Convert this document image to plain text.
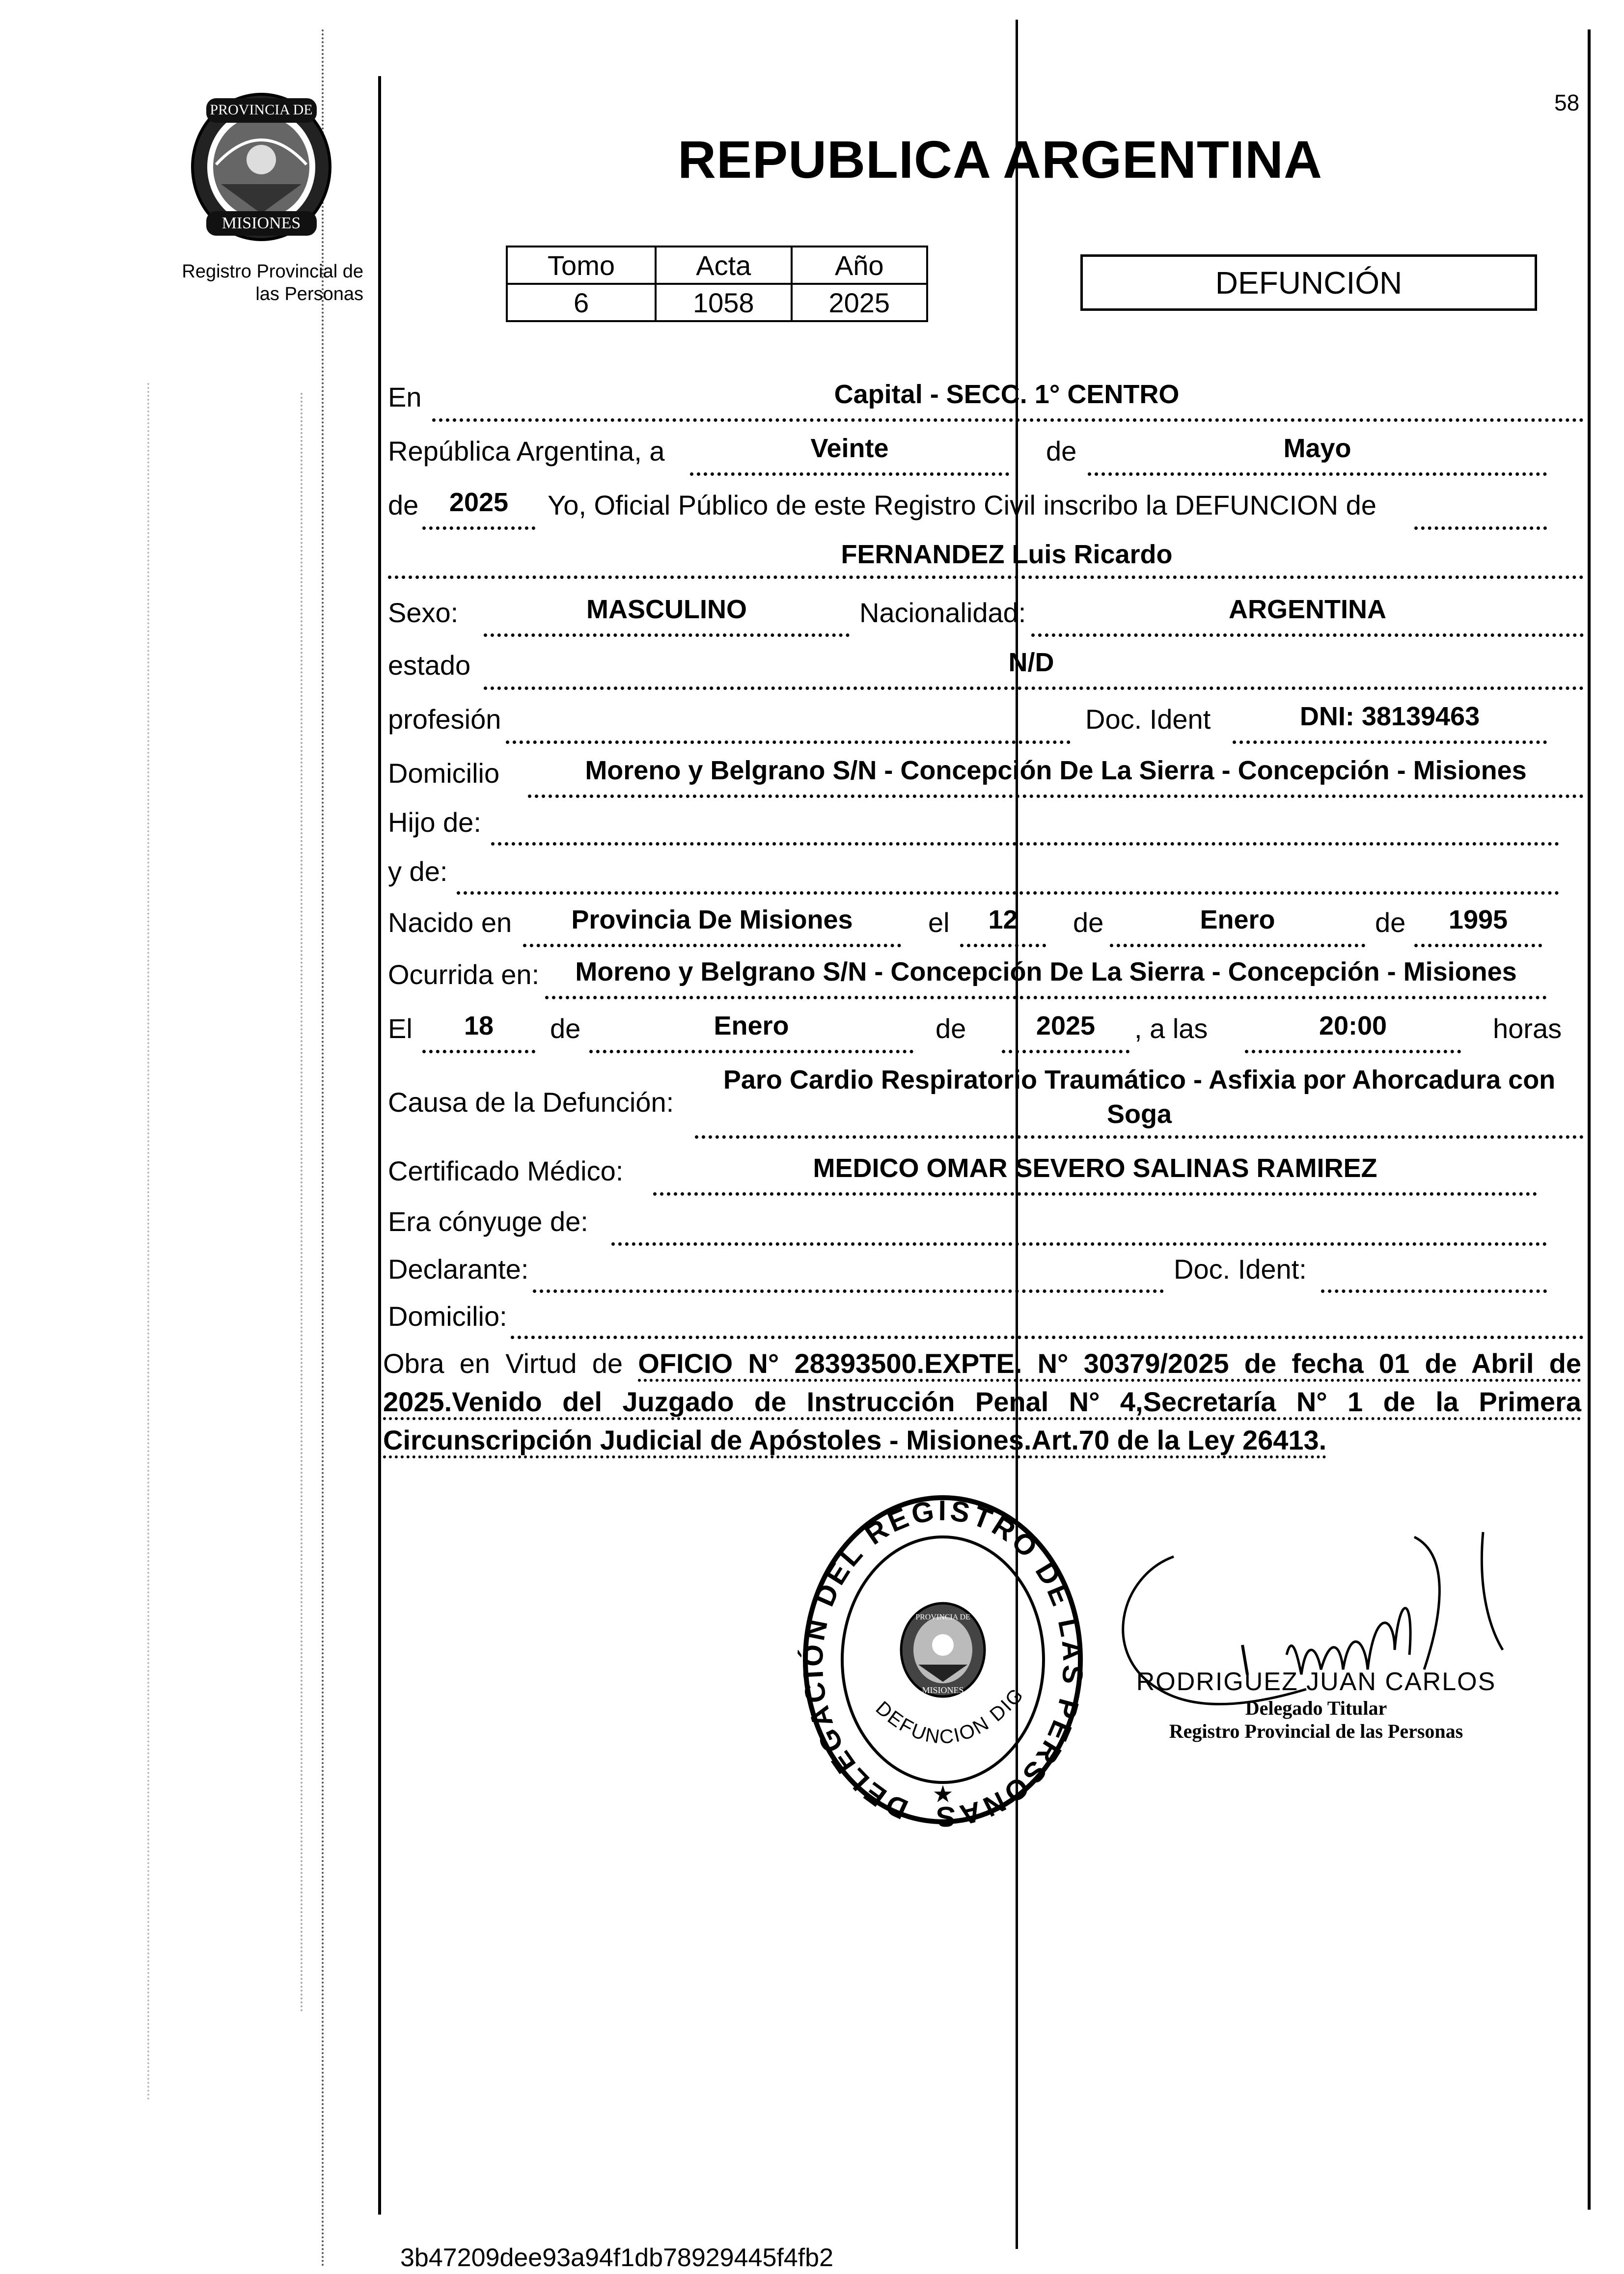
PROVINCIA DE
MISIONES
Registro Provincial de
las Personas
58
REPUBLICA ARGENTINA
Tomo	Acta	Año
6	1058	2025
DEFUNCIÓN
En	Capital - SECC. 1° CENTRO
República Argentina, a	Veinte	de	Mayo
de	2025	Yo, Oficial Público de este Registro Civil inscribo la DEFUNCION de
FERNANDEZ Luis Ricardo
Sexo:	MASCULINO	Nacionalidad:	ARGENTINA
estado	N/D
profesión	Doc. Ident	DNI: 38139463
Domicilio	Moreno y Belgrano S/N - Concepción De La Sierra - Concepción - Misiones
Hijo de:
y de:
Nacido en	Provincia De Misiones	el	12	de	Enero	de	1995
Ocurrida en:	Moreno y Belgrano S/N - Concepción De La Sierra - Concepción - Misiones
El	18	de	Enero	de	2025	, a las	20:00	horas
Causa de la Defunción:
Paro Cardio Respiratorio Traumático - Asfixia por Ahorcadura con
Soga
Certificado Médico:	MEDICO OMAR SEVERO SALINAS RAMIREZ
Era cónyuge de:
Declarante:	Doc. Ident:
Domicilio:
Obra en Virtud de OFICIO N° 28393500.EXPTE. N° 30379/2025 de fecha 01 de Abril de 2025.Venido del Juzgado de Instrucción Penal N° 4,Secretaría N° 1 de la Primera Circunscripción Judicial de Apóstoles - Misiones.Art.70 de la Ley 26413.
DELEGACIÓN DEL REGISTRO DE LAS PERSONAS
PROVINCIA DE
MISIONES
DEFUNCION DIG
★
RODRIGUEZ JUAN CARLOS
Delegado Titular
Registro Provincial de las Personas
3b47209dee93a94f1db78929445f4fb2
